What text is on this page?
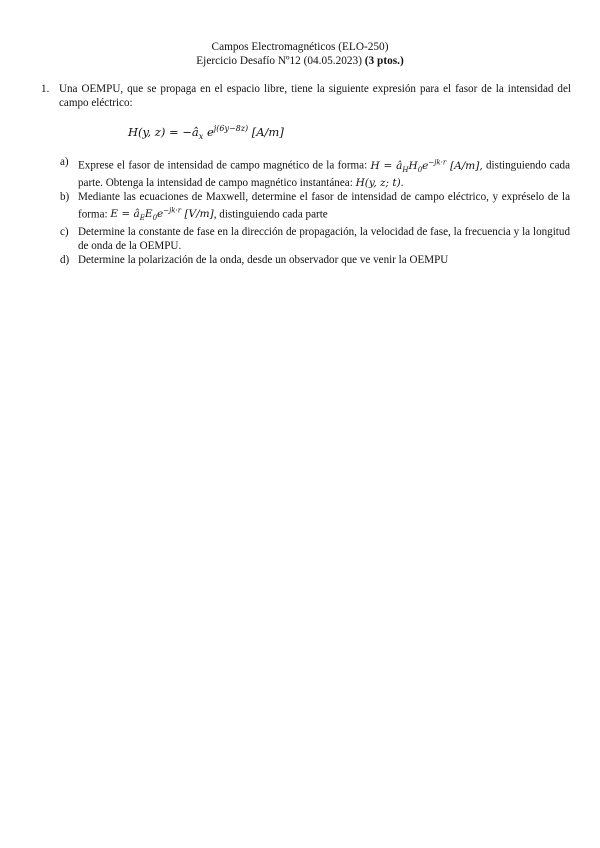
Campos Electromagnéticos (ELO-250)
Ejercicio Desafío Nº12 (04.05.2023) (3 ptos.)
1. Una OEMPU, que se propaga en el espacio libre, tiene la siguiente expresión para el fasor de la intensidad del campo eléctrico:
H(y, $z) = -â_x$ $e^{j(6y-8z)}$ [A/m]
a) Exprese el fasor de intensidad de campo magnético de la forma: $H = â_HH_0e^{-jk\cdot r}$ [A/m], distinguiendo cada parte. Obtenga la intensidad de campo magnético instantánea: H(y, z; t).
b) Mediante las ecuaciones de Maxwell, determine el fasor de intensidad de campo eléctrico, y expréselo de la forma: $E = â_EE_0e^{-jk\cdot r}$ [V/m], distinguiendo cada parte
c) Determine la constante de fase en la dirección de propagación, la velocidad de fase, la frecuencia y la longitud de onda de la OEMPU.
d) Determine la polarización de la onda, desde un observador que ve venir la OEMPU
